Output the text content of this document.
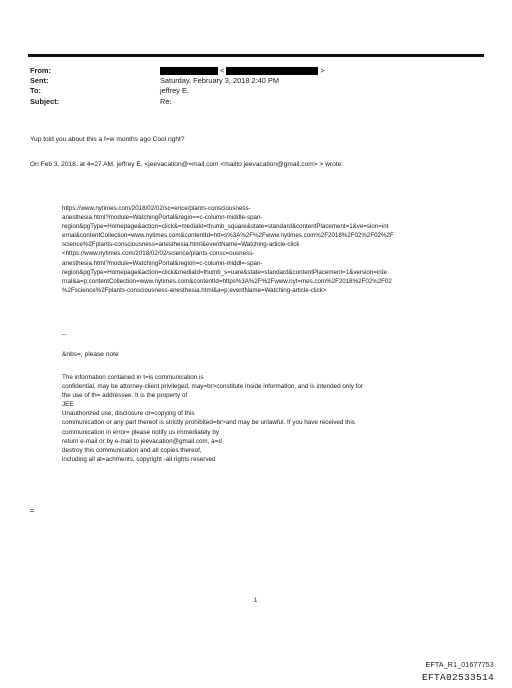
From:	<	>
Sent:	Saturday, February 3, 2018 2:40 PM
To:	jeffrey E.
Subject:	Re:
Yup told you about this a f=w months ago Cool right?
On Feb 3, 2018, at 4=27 AM, jeffrey E. <jeevacation@=mail.com <mailto:jeevacation@gmail.com> > wrote:
https://www.nytimes.com/2018/02/02/sc=ence/plants-consciousness-
anesthesia.html?module=WatchingPortal&regio==c-column-middle-span-
region&pgType=Homepage&action=click&=mediaId=thumb_square&state=standard&contentPlacement=1&ve=sion=int
ernal&contentCollection=www.nytimes.com&contentId=htt=s%3A%2F%2Fwww.nytimes.com%2F2018%2F02%2F02%2F
science%2Fplants-consciousness=anesthesia.html&eventName=Watching-article-click
<https://www.nytimes.com/2018/02/02/science/plants-consc=ousness-
anesthesia.html?module=WatchingPortal&region=c-column-middl=-span-
region&pgType=Homepage&action=click&mediaId=thumb_s=uare&state=standard&contentPlacement=1&version=inte
rnal&a=p;contentCollection=www.nytimes.com&contentId=https%3A%2F%2Fwww.nyt=mes.com%2F2018%2F02%2F02
%2Fscience%2Fplants-consciousness-anesthesia.html&a=p;eventName=Watching-article-click>
--
&nbs=; please note
The information contained in t=is communication is
confidential, may be attorney-client privileged, may=br>constitute inside information, and is intended only for
the use of th= addressee. It is the property of
JEE
Unauthorized use, disclosure or=copying of this
communication or any part thereof is strictly prohibited=br>and may be unlawful. If you have received this
communication in error= please notify us immediately by
return e-mail or by e-mail to jeevacation@gmail.com, a=d
destroy this communication and all copies thereof,
including all at=achments. copyright -all rights reserved
=
1
EFTA_R1_01677753
EFTA02533514
